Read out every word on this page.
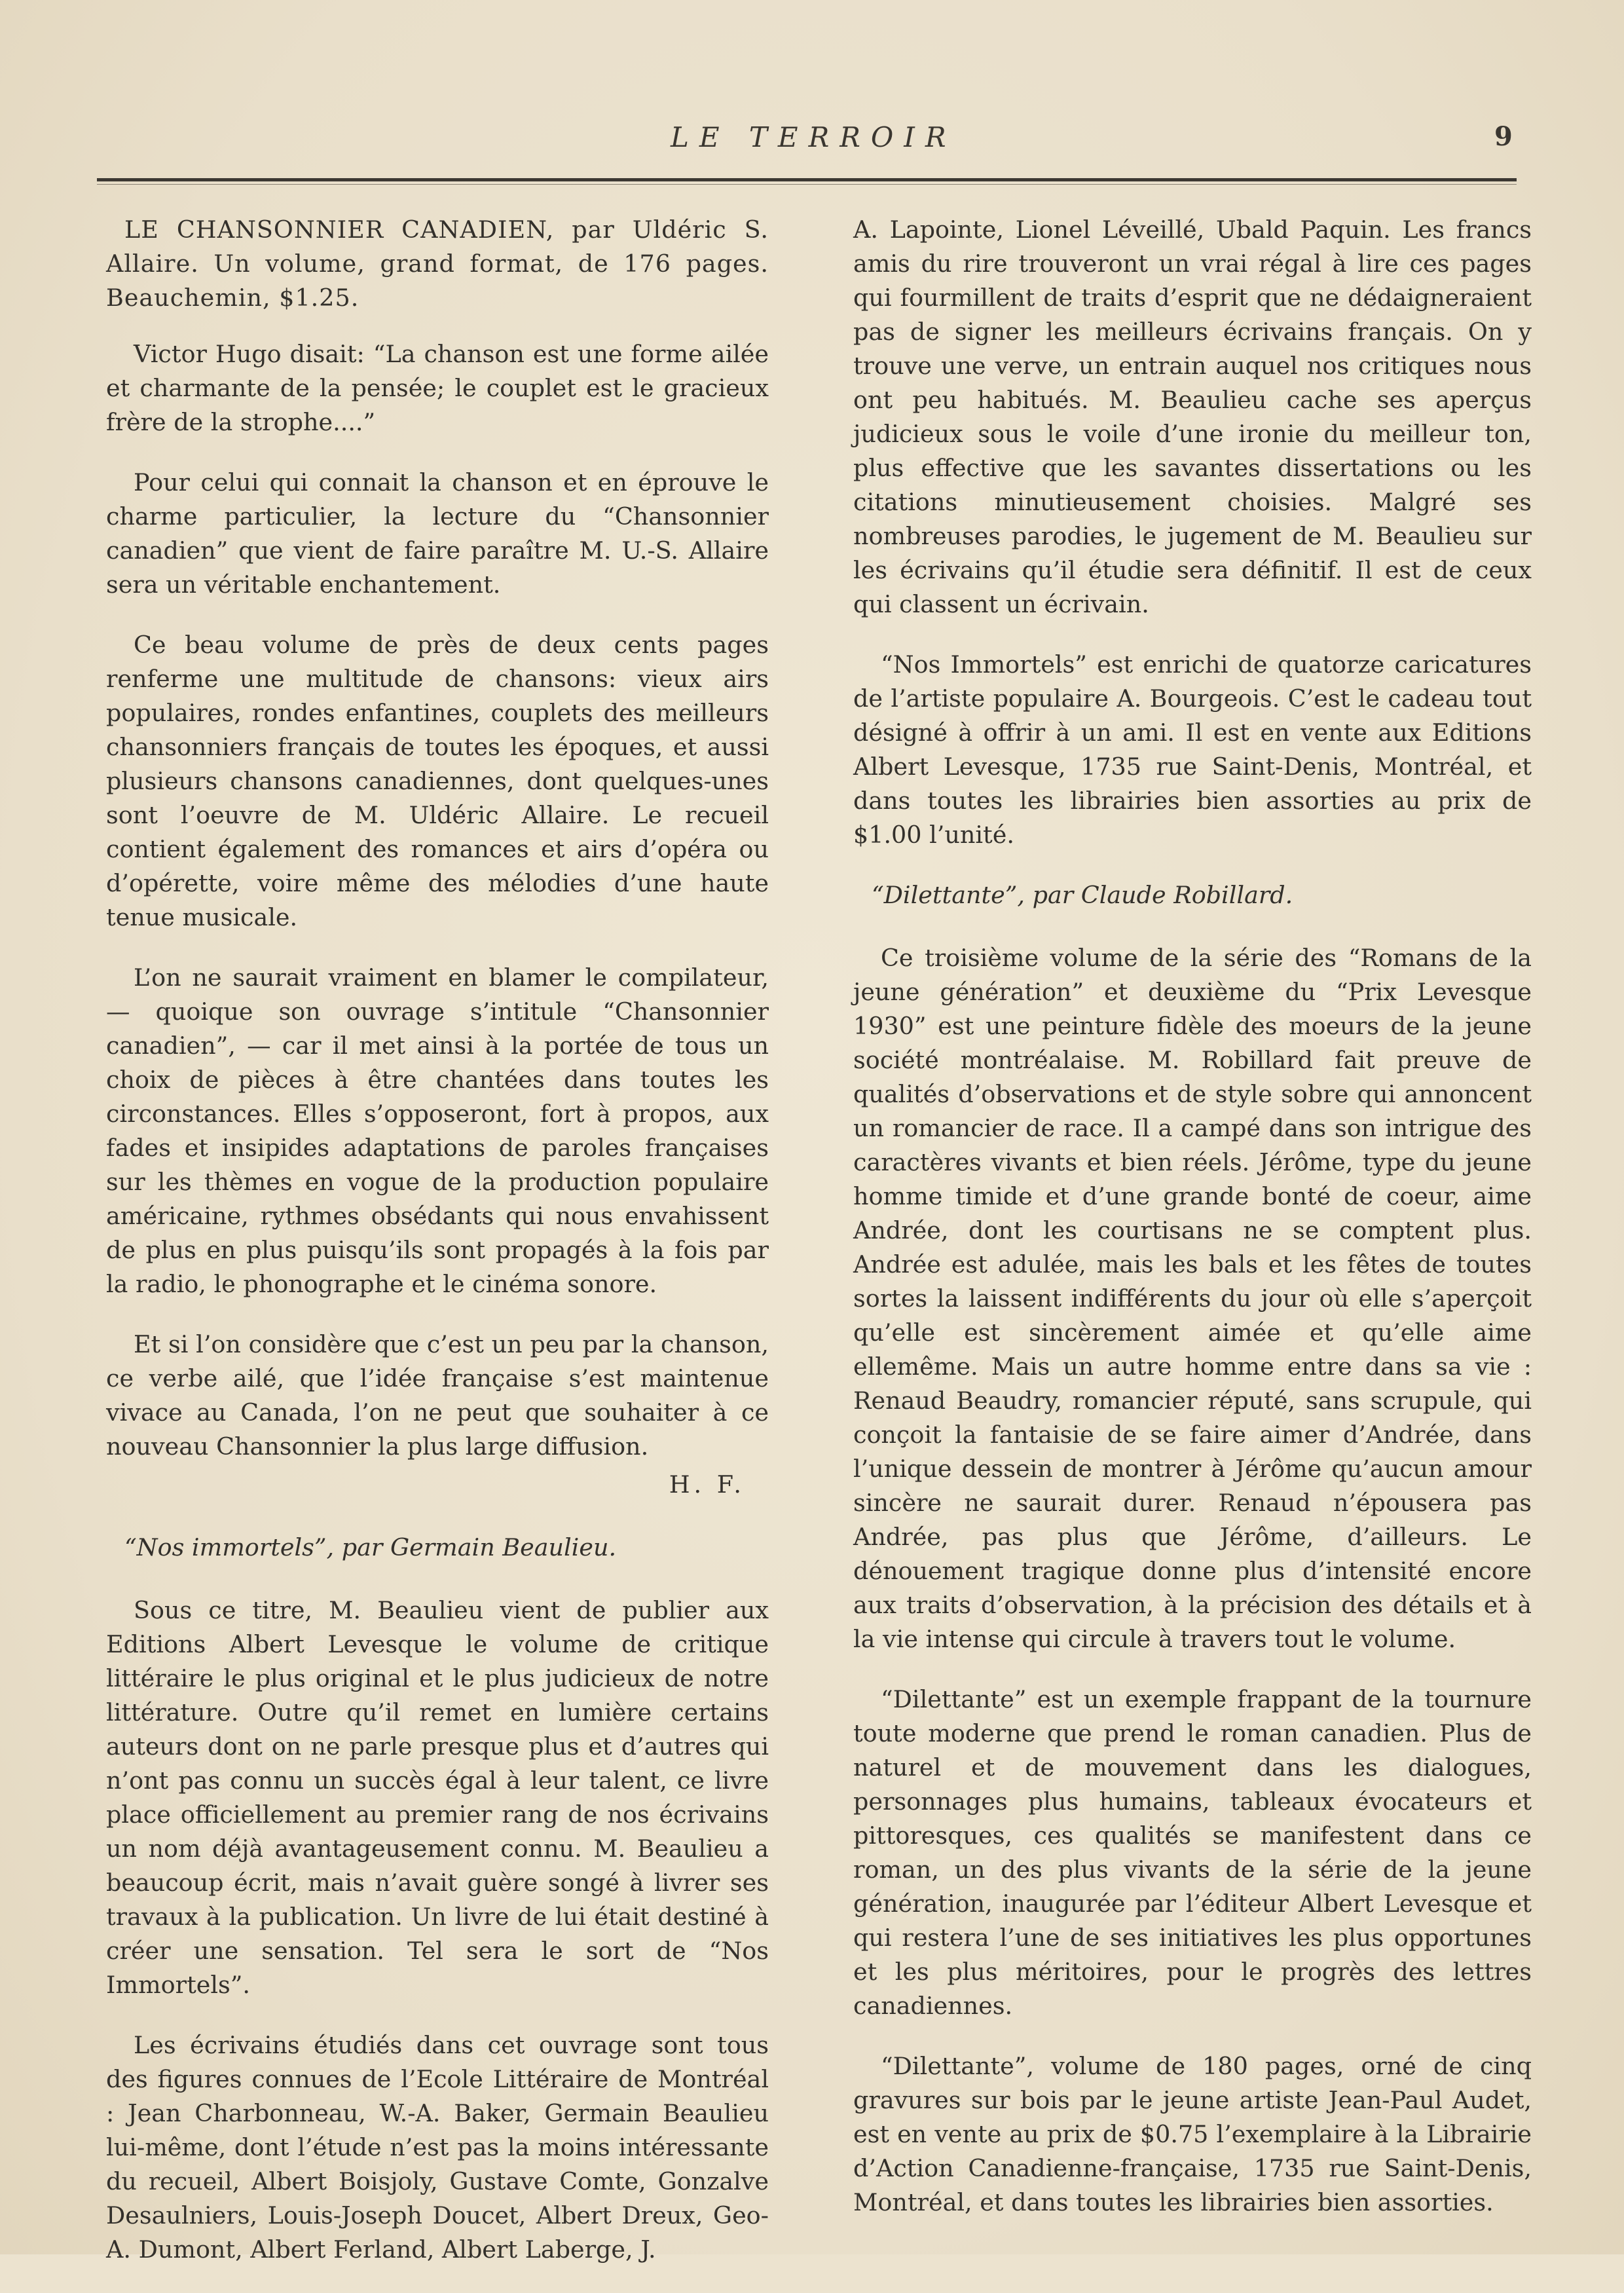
LE TERROIR	9

LE CHANSONNIER CANADIEN, par Uldéric S. Allaire. Un volume, grand format, de 176 pages. Beauchemin, $1.25.

Victor Hugo disait: “La chanson est une forme ailée et charmante de la pensée; le couplet est le gracieux frère de la strophe....”

Pour celui qui connait la chanson et en éprouve le charme particulier, la lecture du “Chansonnier canadien” que vient de faire paraître M. U.-S. Allaire sera un véritable enchantement.

Ce beau volume de près de deux cents pages renferme une multitude de chansons: vieux airs populaires, rondes enfantines, couplets des meilleurs chansonniers français de toutes les époques, et aussi plusieurs chansons canadiennes, dont quelques-unes sont l’oeuvre de M. Uldéric Allaire. Le recueil contient également des romances et airs d’opéra ou d’opérette, voire même des mélodies d’une haute tenue musicale.

L’on ne saurait vraiment en blamer le compilateur, — quoique son ouvrage s’intitule “Chansonnier canadien”, — car il met ainsi à la portée de tous un choix de pièces à être chantées dans toutes les circonstances. Elles s’opposeront, fort à propos, aux fades et insipides adaptations de paroles françaises sur les thèmes en vogue de la production populaire américaine, rythmes obsédants qui nous envahissent de plus en plus puisqu’ils sont propagés à la fois par la radio, le phonographe et le cinéma sonore.

Et si l’on considère que c’est un peu par la chanson, ce verbe ailé, que l’idée française s’est maintenue vivace au Canada, l’on ne peut que souhaiter à ce nouveau Chansonnier la plus large diffusion.

H. F.

“Nos immortels”, par Germain Beaulieu.

Sous ce titre, M. Beaulieu vient de publier aux Editions Albert Levesque le volume de critique littéraire le plus original et le plus judicieux de notre littérature. Outre qu’il remet en lumière certains auteurs dont on ne parle presque plus et d’autres qui n’ont pas connu un succès égal à leur talent, ce livre place officiellement au premier rang de nos écrivains un nom déjà avantageusement connu. M. Beaulieu a beaucoup écrit, mais n’avait guère songé à livrer ses travaux à la publication. Un livre de lui était destiné à créer une sensation. Tel sera le sort de “Nos Immortels”.

Les écrivains étudiés dans cet ouvrage sont tous des figures connues de l’Ecole Littéraire de Montréal : Jean Charbonneau, W.-A. Baker, Germain Beaulieu lui-même, dont l’étude n’est pas la moins intéressante du recueil, Albert Boisjoly, Gustave Comte, Gonzalve Desaulniers, Louis-Joseph Doucet, Albert Dreux, Geo-A. Dumont, Albert Ferland, Albert Laberge, J.

A. Lapointe, Lionel Léveillé, Ubald Paquin. Les francs amis du rire trouveront un vrai régal à lire ces pages qui fourmillent de traits d’esprit que ne dédaigneraient pas de signer les meilleurs écrivains français. On y trouve une verve, un entrain auquel nos critiques nous ont peu habitués. M. Beaulieu cache ses aperçus judicieux sous le voile d’une ironie du meilleur ton, plus effective que les savantes dissertations ou les citations minutieusement choisies. Malgré ses nombreuses parodies, le jugement de M. Beaulieu sur les écrivains qu’il étudie sera définitif. Il est de ceux qui classent un écrivain.

“Nos Immortels” est enrichi de quatorze caricatures de l’artiste populaire A. Bourgeois. C’est le cadeau tout désigné à offrir à un ami. Il est en vente aux Editions Albert Levesque, 1735 rue Saint-Denis, Montréal, et dans toutes les librairies bien assorties au prix de $1.00 l’unité.

“Dilettante”, par Claude Robillard.

Ce troisième volume de la série des “Romans de la jeune génération” et deuxième du “Prix Levesque 1930” est une peinture fidèle des moeurs de la jeune société montréalaise. M. Robillard fait preuve de qualités d’observations et de style sobre qui annoncent un romancier de race. Il a campé dans son intrigue des caractères vivants et bien réels. Jérôme, type du jeune homme timide et d’une grande bonté de coeur, aime Andrée, dont les courtisans ne se comptent plus. Andrée est adulée, mais les bals et les fêtes de toutes sortes la laissent indifférents du jour où elle s’aperçoit qu’elle est sincèrement aimée et qu’elle aime ellemême. Mais un autre homme entre dans sa vie : Renaud Beaudry, romancier réputé, sans scrupule, qui conçoit la fantaisie de se faire aimer d’Andrée, dans l’unique dessein de montrer à Jérôme qu’aucun amour sincère ne saurait durer. Renaud n’épousera pas Andrée, pas plus que Jérôme, d’ailleurs. Le dénouement tragique donne plus d’intensité encore aux traits d’observation, à la précision des détails et à la vie intense qui circule à travers tout le volume.

“Dilettante” est un exemple frappant de la tournure toute moderne que prend le roman canadien. Plus de naturel et de mouvement dans les dialogues, personnages plus humains, tableaux évocateurs et pittoresques, ces qualités se manifestent dans ce roman, un des plus vivants de la série de la jeune génération, inaugurée par l’éditeur Albert Levesque et qui restera l’une de ses initiatives les plus opportunes et les plus méritoires, pour le progrès des lettres canadiennes.

“Dilettante”, volume de 180 pages, orné de cinq gravures sur bois par le jeune artiste Jean-Paul Audet, est en vente au prix de $0.75 l’exemplaire à la Librairie d’Action Canadienne-française, 1735 rue Saint-Denis, Montréal, et dans toutes les librairies bien assorties.
